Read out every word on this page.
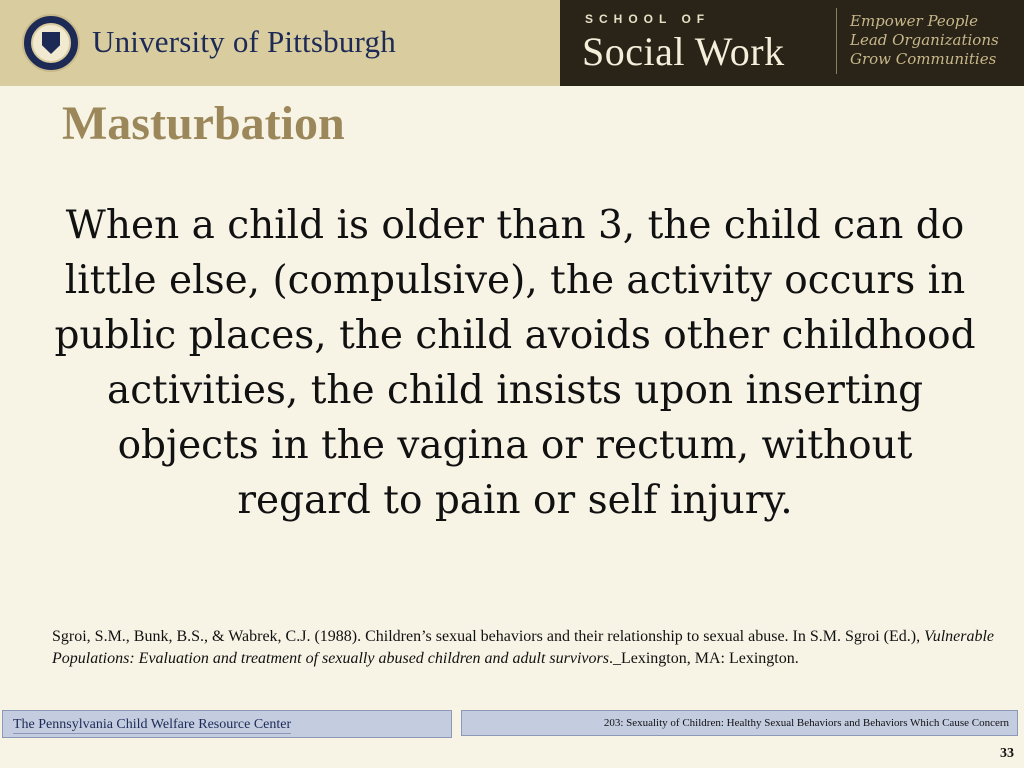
University of Pittsburgh
SCHOOL OF
Social Work
Empower People
Lead Organizations
Grow Communities
Masturbation
When a child is older than 3, the child can do little else, (compulsive), the activity occurs in public places, the child avoids other childhood activities, the child insists upon inserting objects in the vagina or rectum, without regard to pain or self injury.
Sgroi, S.M., Bunk, B.S., & Wabrek, C.J. (1988). Children’s sexual behaviors and their relationship to sexual abuse. In S.M. Sgroi (Ed.), Vulnerable Populations: Evaluation and treatment of sexually abused children and adult survivors._Lexington, MA: Lexington.
The Pennsylvania Child Welfare Resource Center	203: Sexuality of Children: Healthy Sexual Behaviors and Behaviors Which Cause Concern
33
